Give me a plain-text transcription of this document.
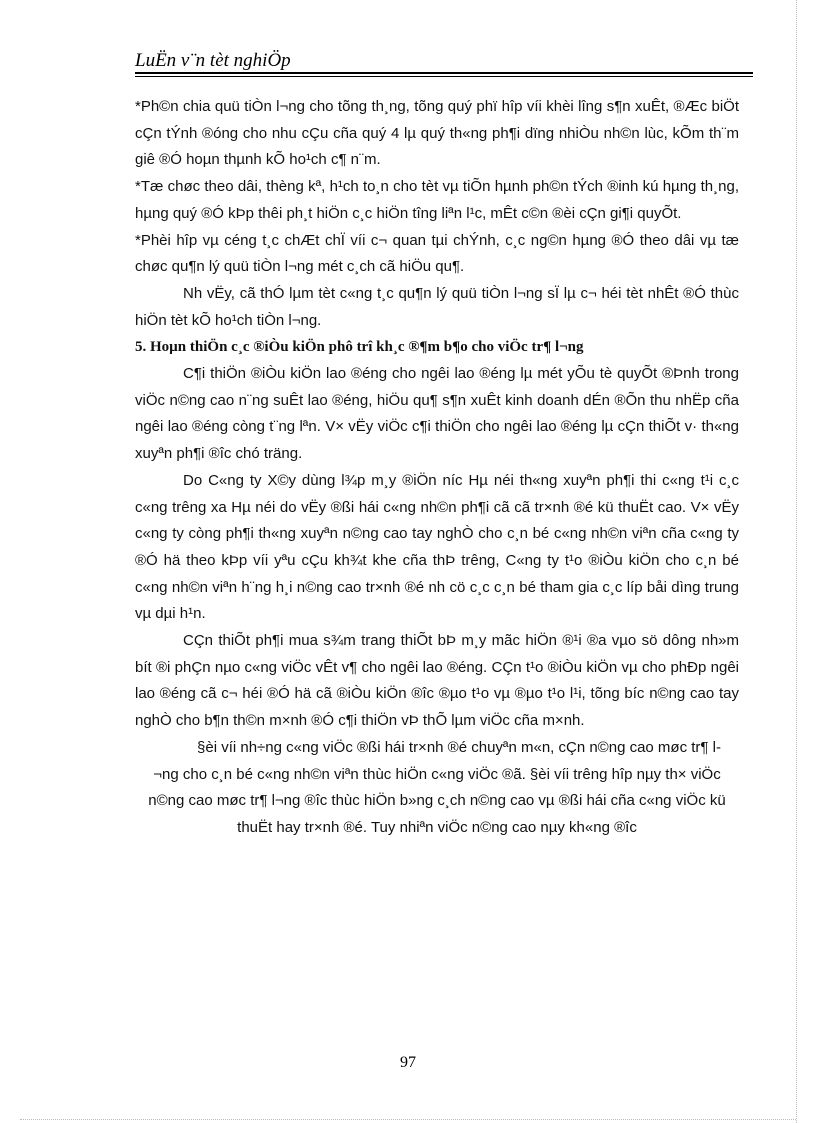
LuËn v¨n tèt nghiÖp

*Ph©n chia quü tiÒn l¬ng cho tõng th¸ng, tõng quý phï hîp víi khèi lîng s¶n xuÊt, ®Æc biÖt cÇn tÝnh ®óng cho nhu cÇu cña quý 4 lµ quý th«ng ph¶i dïng nhiÒu nh©n lùc, kÕm th¨m giê ®Ó hoµn thµnh kÕ ho¹ch c¶ n¨m.

*Tæ chøc theo dâi, thèng kª, h¹ch to¸n cho tèt vµ tiÕn hµnh ph©n tÝch ®inh kú hµng th¸ng, hµng quý ®Ó kÞp thêi ph¸t hiÖn c¸c hiÖn tîng liªn l¹c, mÊt c©n ®èi cÇn gi¶i quyÕt.

*Phèi hîp vµ céng t¸c chÆt chÏ víi c¬ quan tµi chÝnh, c¸c ng©n hµng ®Ó theo dâi vµ tæ chøc qu¶n lý quü tiÒn l¬ng mét c¸ch cã hiÖu qu¶.

Nh vËy, cã thÓ lµm tèt c«ng t¸c qu¶n lý quü tiÒn l¬ng sÏ lµ c¬ héi tèt nhÊt ®Ó thùc hiÖn tèt kÕ ho¹ch tiÒn l¬ng.

5. Hoµn thiÖn c¸c ®iÒu kiÖn phô trî kh¸c ®¶m b¶o cho viÖc tr¶ l¬ng

C¶i thiÖn ®iÒu kiÖn lao ®éng cho ngêi lao ®éng lµ mét yÕu tè quyÕt ®Þnh trong viÖc n©ng cao n¨ng suÊt lao ®éng, hiÖu qu¶ s¶n xuÊt kinh doanh dÉn ®Õn thu nhËp cña ngêi lao ®éng còng t¨ng lªn. V× vËy viÖc c¶i thiÖn cho ngêi lao ®éng lµ cÇn thiÕt v· th«ng xuyªn ph¶i ®îc chó träng.

Do C«ng ty X©y dùng l¾p m¸y ®iÖn níc Hµ néi th«ng xuyªn ph¶i thi c«ng t¹i c¸c c«ng trêng xa Hµ néi do vËy ®ßi hái c«ng nh©n ph¶i cã cã tr×nh ®é kü thuËt cao. V× vËy c«ng ty còng ph¶i th«ng xuyªn n©ng cao tay nghÒ cho c¸n bé c«ng nh©n viªn cña c«ng ty ®Ó hä theo kÞp víi yªu cÇu kh¾t khe cña thÞ trêng, C«ng ty t¹o ®iÒu kiÖn cho c¸n bé c«ng nh©n viªn h¨ng h¸i n©ng cao tr×nh ®é nh cö c¸c c¸n bé tham gia c¸c líp båi dìng trung vµ dµi h¹n.

CÇn thiÕt ph¶i mua s¾m trang thiÕt bÞ m¸y mãc hiÖn ®¹i ®a vµo sö dông nh»m bít ®i phÇn nµo c«ng viÖc vÊt v¶ cho ngêi lao ®éng. CÇn t¹o ®iÒu kiÖn vµ cho phÐp ngêi lao ®éng cã c¬ héi ®Ó hä cã ®iÒu kiÖn ®îc ®µo t¹o vµ ®µo t¹o l¹i, tõng bíc n©ng cao tay nghÒ cho b¶n th©n m×nh ®Ó c¶i thiÖn vÞ thÕ lµm viÖc cña m×nh.

§èi víi nh÷ng c«ng viÖc ®ßi hái tr×nh ®é chuyªn m«n, cÇn n©ng cao møc tr¶ l¬ng cho c¸n bé c«ng nh©n viªn thùc hiÖn c«ng viÖc ®ã. §èi víi trêng hîp nµy th× viÖc n©ng cao møc tr¶ l¬ng ®îc thùc hiÖn b»ng c¸ch n©ng cao vµ ®ßi hái cña c«ng viÖc kü thuËt hay tr×nh ®é. Tuy nhiªn viÖc n©ng cao nµy kh«ng ®îc

97
